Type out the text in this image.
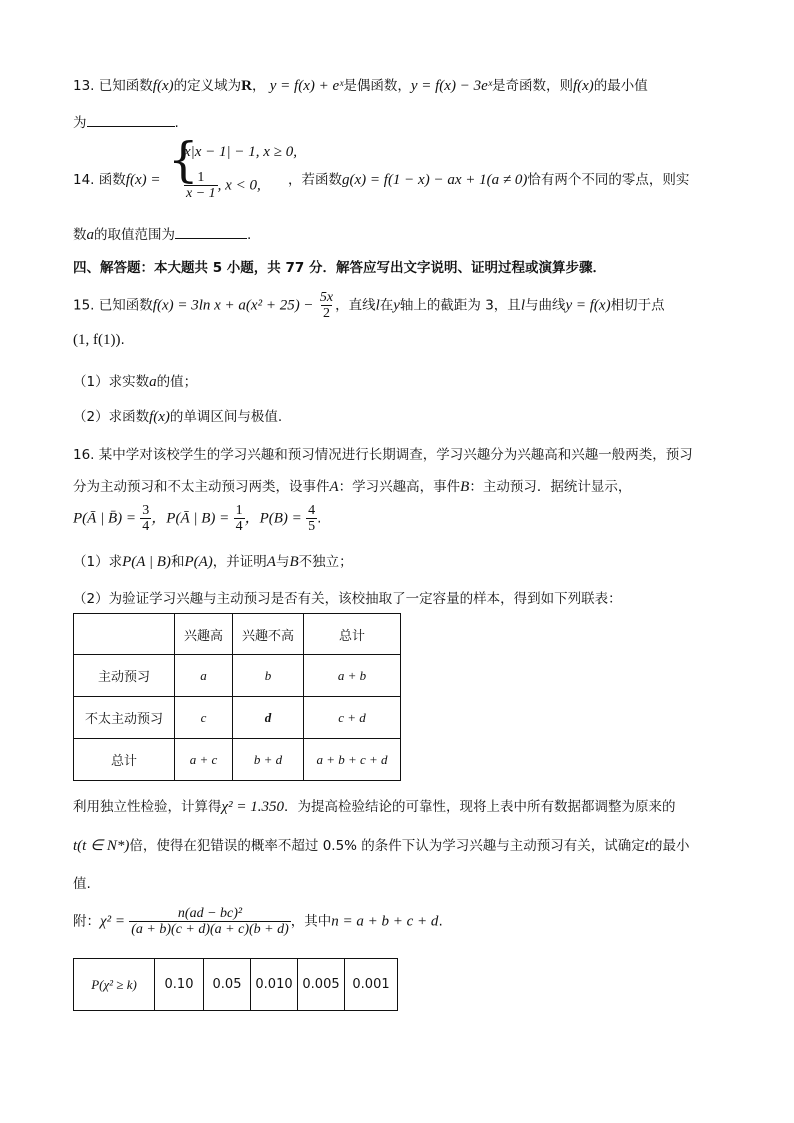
13. 已知函数f(x)的定义域为R， y = f(x) + eˣ是偶函数，y = f(x) − 3eˣ是奇函数，则f(x)的最小值
为	.
14. 函数f(x) = {
x|x − 1| − 1, x ≥ 0,
$\frac{1}{x - 1}$ , x < 0, ，若函数g(x) = f(1 − x) − ax + 1(a ≠ 0)恰有两个不同的零点，则实
数a的取值范围为	.
四、解答题：本大题共 5 小题，共 77 分．解答应写出文字说明、证明过程或演算步骤．
15. 已知函数f(x) = 3ln $x + a(x^2 + 25) - \frac{5x}{2}$ ，直线l在y轴上的截距为 3，且l与曲线y = f(x)相切于点
(1, f(1)).
（1）求实数a的值；
（2）求函数f(x)的单调区间与极值.
16. 某中学对该校学生的学习兴趣和预习情况进行长期调查，学习兴趣分为兴趣高和兴趣一般两类，预习
分为主动预习和不太主动预习两类，设事件A：学习兴趣高，事件B：主动预习．据统计显示，
P(Ā | B̄) = $\frac{3}{4}$ ，P(Ā | $B) = \frac{1}{4}$ ，$P(B) = \frac{4}{5}$ .
（1）求P(A | B)和P(A)，并证明A与B不独立；
（2）为验证学习兴趣与主动预习是否有关，该校抽取了一定容量的样本，得到如下列联表：
	兴趣高	兴趣不高	总计
主动预习	a	b	a + b
不太主动预习	c	d	c + d
总计	a + c	b + d	a + b + c + d
利用独立性检验，计算得χ² = 1.350．为提高检验结论的可靠性，现将上表中所有数据都调整为原来的
t(t ∈ N*)倍，使得在犯错误的概率不超过 0.5% 的条件下认为学习兴趣与主动预习有关，试确定t的最小
值.
附：$\chi^2 = \frac{\text{n(ad − bc)²}}{(a + b)(c + d)(a + c)(b + d)}$ ，其中n = a + b + c + d.
P(χ² ≥ k)	0.10	0.05	0.010	0.005	0.001
